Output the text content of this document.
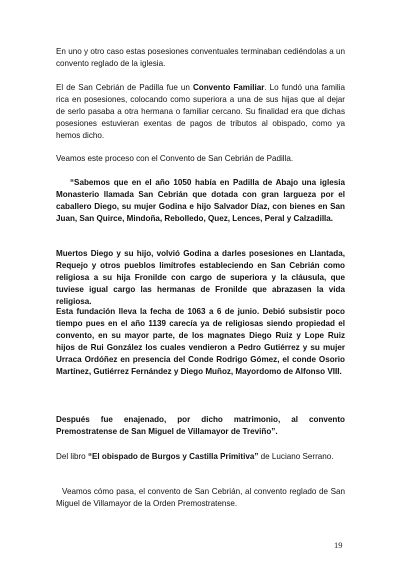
En uno y otro caso estas posesiones conventuales terminaban cediéndolas a un convento reglado de la iglesia.

El de San Cebrián de Padilla fue un Convento Familiar. Lo fundó una familia rica en posesiones, colocando como superiora a una de sus hijas que al dejar de serlo pasaba a otra hermana o familiar cercano. Su finalidad era que dichas posesiones estuvieran exentas de pagos de tributos al obispado, como ya hemos dicho.

Veamos este proceso con el Convento de San Cebrián de Padilla.

“Sabemos que en el año 1050 había en Padilla de Abajo una iglesia Monasterio llamada San Cebrián que dotada con gran largueza por el caballero Diego, su mujer Godina e hijo Salvador Díaz, con bienes en San Juan, San Quirce, Mindoña, Rebolledo, Quez, Lences, Peral y Calzadilla.

Muertos Diego y su hijo, volvió Godina a darles posesiones en Llantada, Requejo y otros pueblos limítrofes estableciendo en San Cebrián como religiosa a su hija Fronilde con cargo de superiora y la cláusula, que tuviese igual cargo las hermanas de Fronilde que abrazasen la vida religiosa.

Esta fundación lleva la fecha de 1063 a 6 de junio. Debió subsistir poco tiempo pues en el año 1139 carecía ya de religiosas siendo propiedad el convento, en su mayor parte, de los magnates Diego Ruiz y Lope Ruiz hijos de Rui González los cuales vendieron a Pedro Gutiérrez y su mujer Urraca Ordóñez en presencia del Conde Rodrigo Gómez, el conde Osorio Martínez, Gutiérrez Fernández y Diego Muñoz, Mayordomo de Alfonso VIII.

Después fue enajenado, por dicho matrimonio, al convento Premostratense de San Miguel de Villamayor de Treviño”.

Del libro “El obispado de Burgos y Castilla Primitiva” de Luciano Serrano.

Veamos cómo pasa, el convento de San Cebrián, al convento reglado de San Miguel de Villamayor de la Orden Premostratense.

19
